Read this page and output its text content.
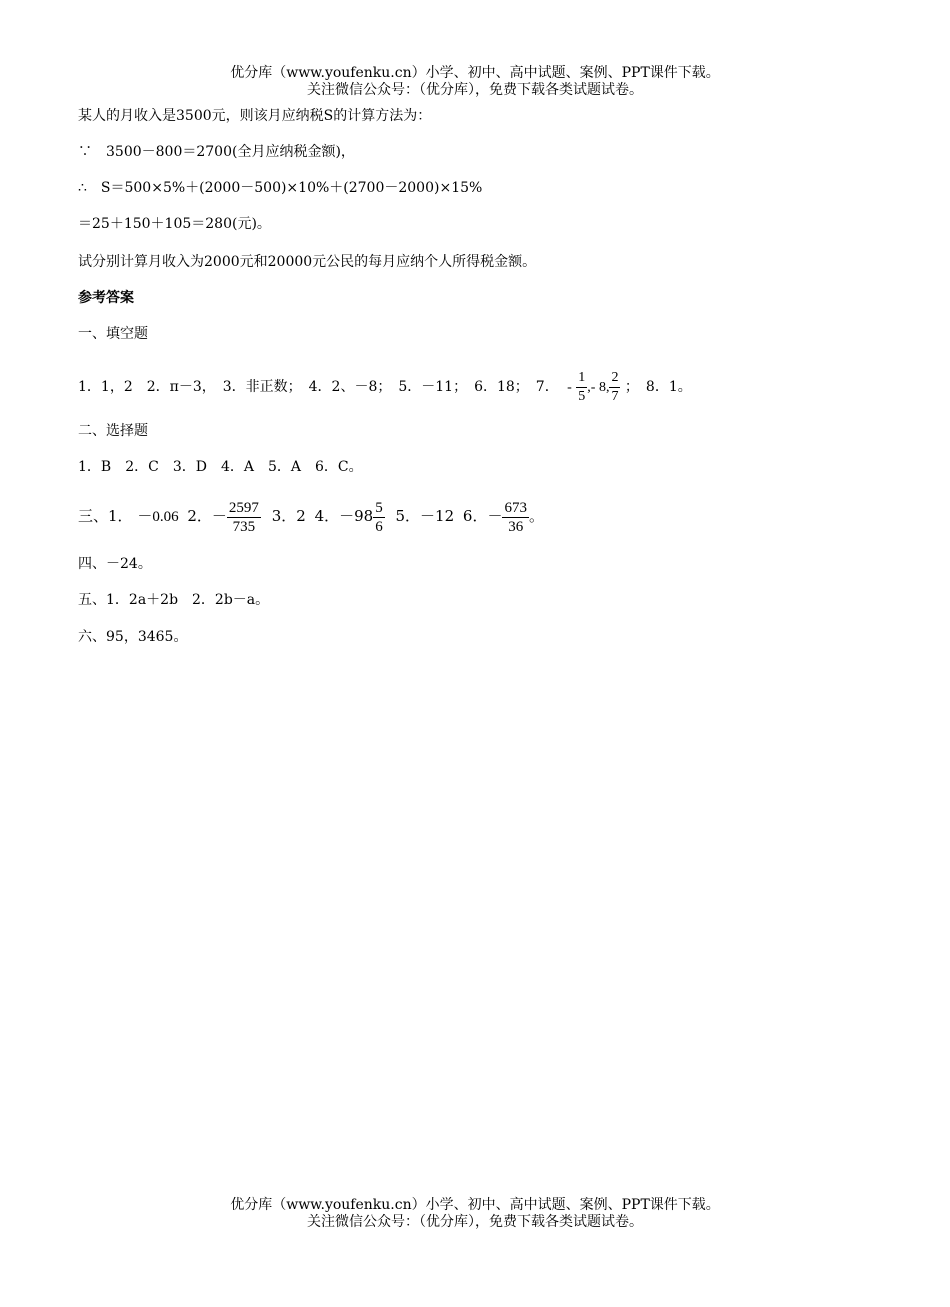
优分库（www.youfenku.cn）小学、初中、高中试题、案例、PPT课件下载。
关注微信公众号：（优分库），免费下载各类试题试卷。
某人的月收入是3500元，则该月应纳税S的计算方法为：
∵　3500－800＝2700(全月应纳税金额)，
∴　S＝500×5%＋(2000－500)×10%＋(2700－2000)×15%
＝25＋150＋105＝280(元)。
试分别计算月收入为2000元和20000元公民的每月应纳个人所得税金额。
参考答案
一、填空题
1．1，2　2．π－3，　3．非正数；　4．2、－8；　5．－11；　6．18；　7． - $\frac{1}{5}$ ,- 8, $\frac{2}{7}$ ；　8．1。
二、选择题
1．B　2．C　3．D　4．A　5．A　6．C。
三、1． －0.06 2．－ $\frac{2597}{735} 3$．2 4．$-98 \frac{5}{6} 5$．－12 6．－ $\frac{673}{36}$ 。
四、－24。
五、1．2a＋2b　2．2b－a。
六、95，3465。
优分库（www.youfenku.cn）小学、初中、高中试题、案例、PPT课件下载。
关注微信公众号：（优分库），免费下载各类试题试卷。
